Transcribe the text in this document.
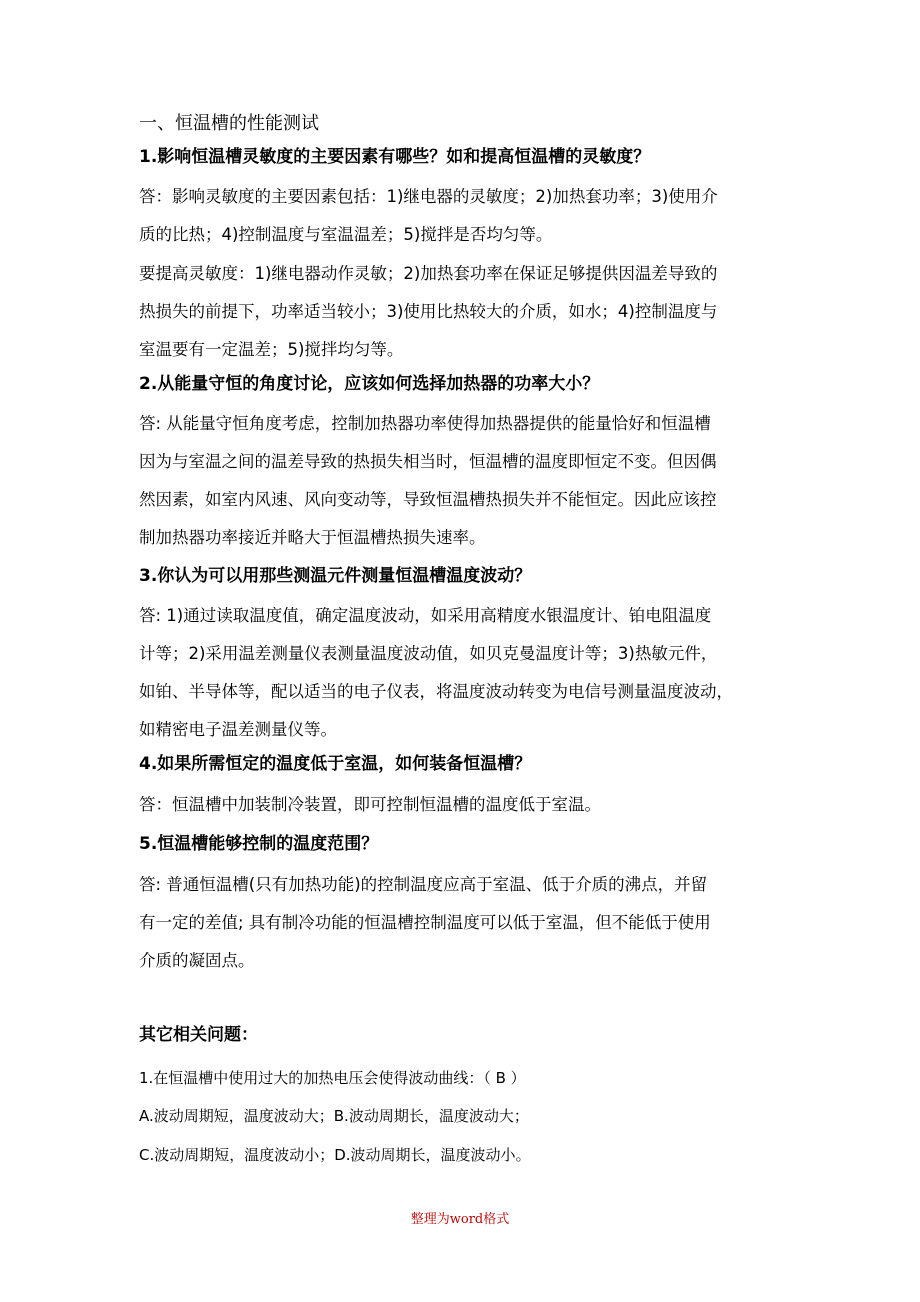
一、恒温槽的性能测试
1.影响恒温槽灵敏度的主要因素有哪些？如和提高恒温槽的灵敏度？
答：影响灵敏度的主要因素包括：1)继电器的灵敏度；2)加热套功率；3)使用介
质的比热；4)控制温度与室温温差；5)搅拌是否均匀等。
要提高灵敏度：1)继电器动作灵敏；2)加热套功率在保证足够提供因温差导致的
热损失的前提下，功率适当较小；3)使用比热较大的介质，如水；4)控制温度与
室温要有一定温差；5)搅拌均匀等。
2.从能量守恒的角度讨论，应该如何选择加热器的功率大小？
答: 从能量守恒角度考虑，控制加热器功率使得加热器提供的能量恰好和恒温槽
因为与室温之间的温差导致的热损失相当时，恒温槽的温度即恒定不变。但因偶
然因素，如室内风速、风向变动等，导致恒温槽热损失并不能恒定。因此应该控
制加热器功率接近并略大于恒温槽热损失速率。
3.你认为可以用那些测温元件测量恒温槽温度波动？
答: 1)通过读取温度值，确定温度波动，如采用高精度水银温度计、铂电阻温度
计等；2)采用温差测量仪表测量温度波动值，如贝克曼温度计等；3)热敏元件，
如铂、半导体等，配以适当的电子仪表，将温度波动转变为电信号测量温度波动，
如精密电子温差测量仪等。
4.如果所需恒定的温度低于室温，如何装备恒温槽？
答：恒温槽中加装制冷装置，即可控制恒温槽的温度低于室温。
5.恒温槽能够控制的温度范围？
答: 普通恒温槽(只有加热功能)的控制温度应高于室温、低于介质的沸点，并留
有一定的差值; 具有制冷功能的恒温槽控制温度可以低于室温，但不能低于使用
介质的凝固点。
其它相关问题：
1.在恒温槽中使用过大的加热电压会使得波动曲线：（ B ）
A.波动周期短，温度波动大；B.波动周期长，温度波动大；
C.波动周期短，温度波动小；D.波动周期长，温度波动小。
整理为word格式
